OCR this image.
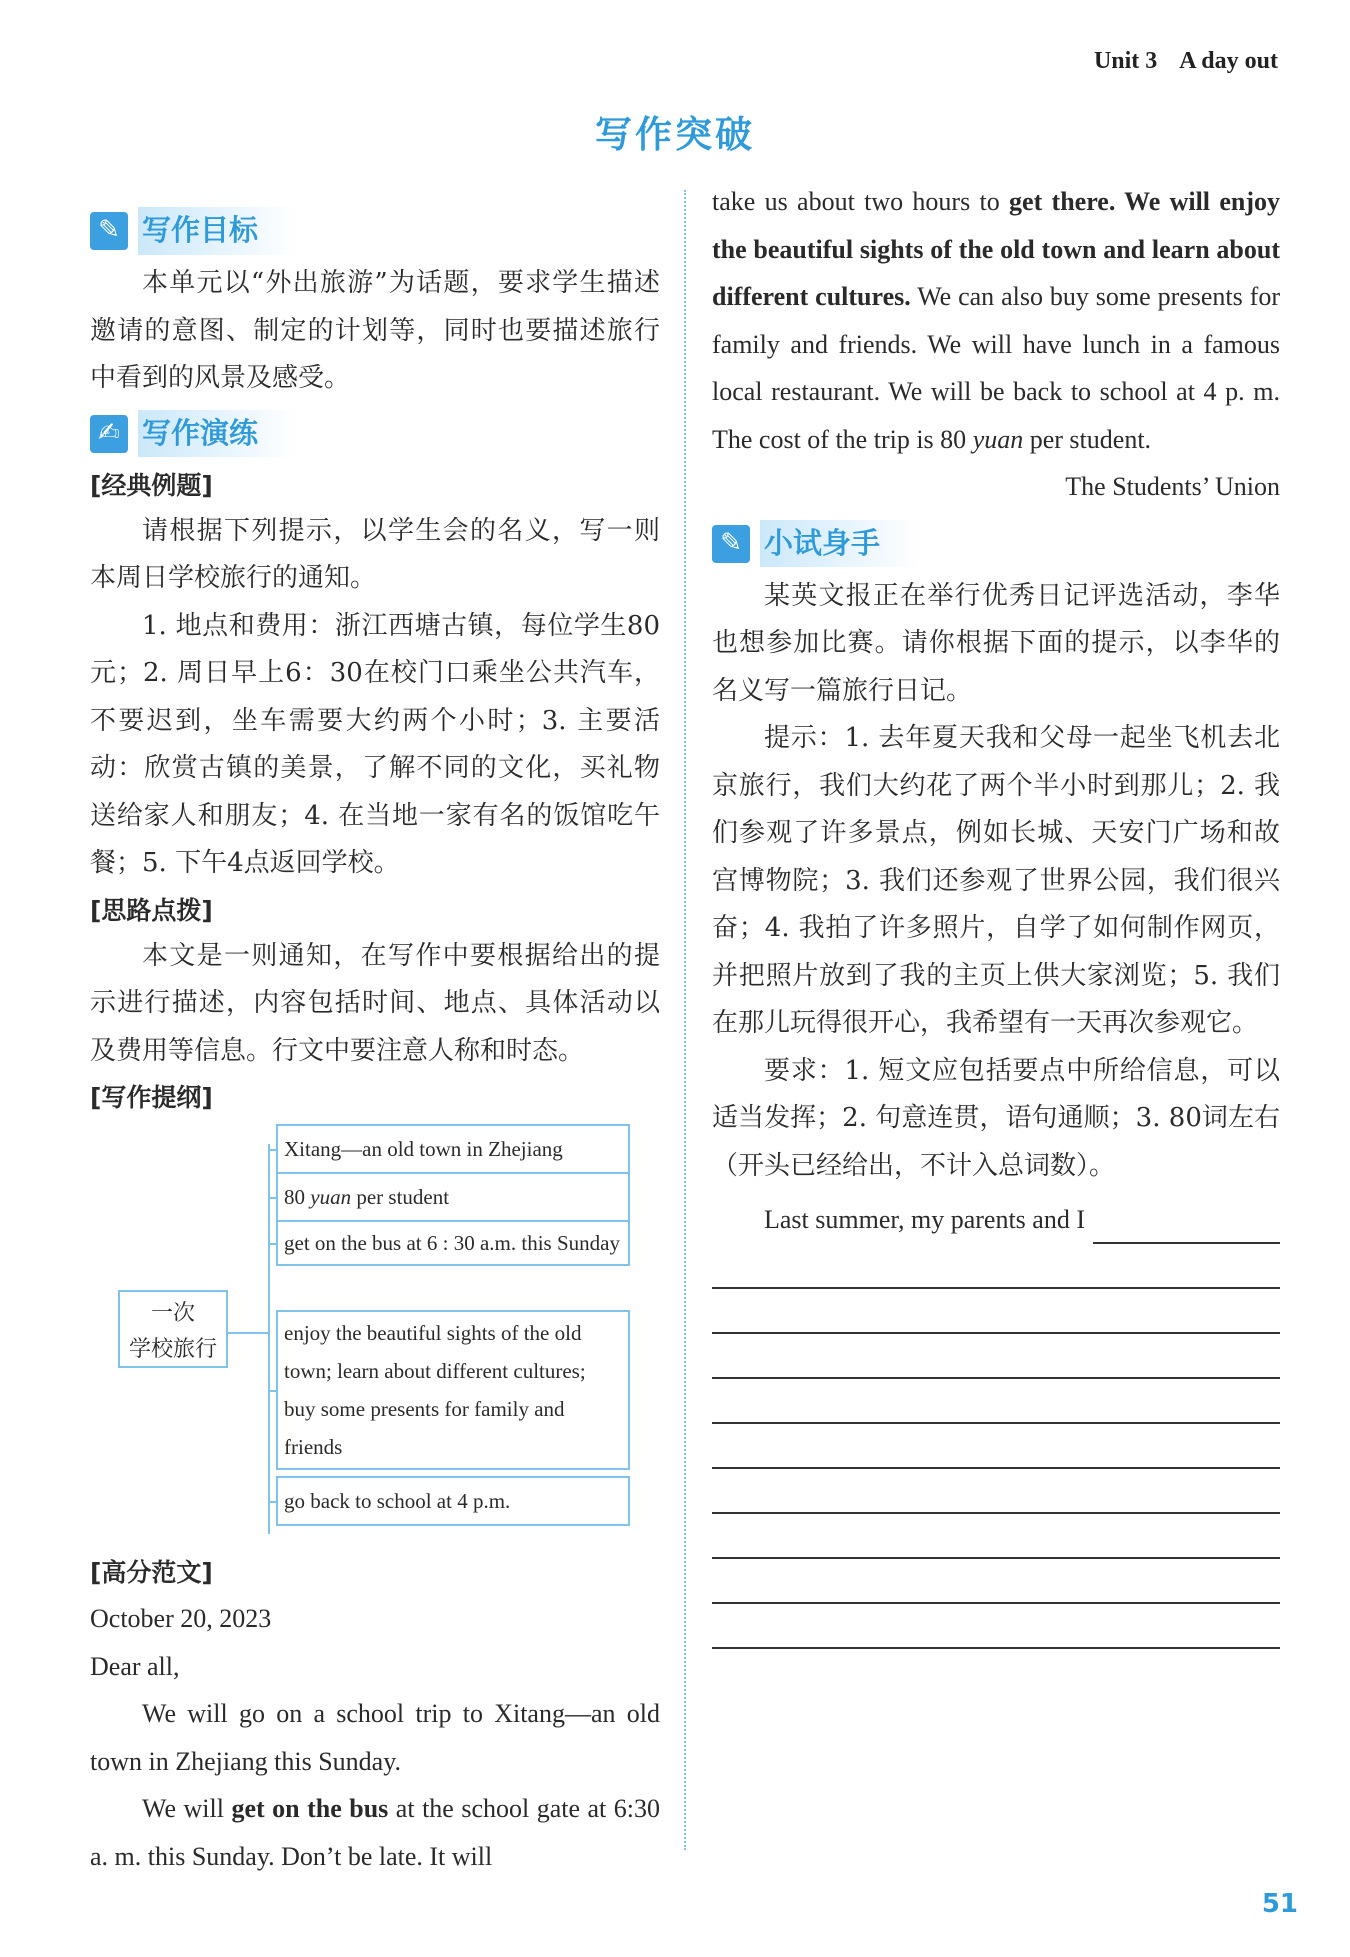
Unit 3 A day out
写作突破
✎ 写作目标

本单元以“外出旅游”为话题，要求学生描述邀请的意图、制定的计划等，同时也要描述旅行中看到的风景及感受。

✍ 写作演练
[经典例题]

请根据下列提示，以学生会的名义，写一则本周日学校旅行的通知。

1. 地点和费用：浙江西塘古镇，每位学生80元；2. 周日早上6：30在校门口乘坐公共汽车，不要迟到，坐车需要大约两个小时；3. 主要活动：欣赏古镇的美景，了解不同的文化，买礼物送给家人和朋友；4. 在当地一家有名的饭馆吃午餐；5. 下午4点返回学校。

[思路点拨]

本文是一则通知，在写作中要根据给出的提示进行描述，内容包括时间、地点、具体活动以及费用等信息。行文中要注意人称和时态。

[写作提纲]
一次
学校旅行
Xitang—an old town in Zhejiang
80 yuan per student
get on the bus at 6 : 30 a.m. this Sunday
enjoy the beautiful sights of the old town; learn about different cultures; buy some presents for family and friends
go back to school at 4 p.m.
[高分范文]

October 20, 2023

Dear all,

We will go on a school trip to Xitang—an old town in Zhejiang this Sunday.

We will get on the bus at the school gate at 6:30 a. m. this Sunday. Don’t be late. It will

take us about two hours to get there. We will enjoy the beautiful sights of the old town and learn about different cultures. We can also buy some presents for family and friends. We will have lunch in a famous local restaurant. We will be back to school at 4 p. m. The cost of the trip is 80 yuan per student.

The Students’ Union

✎ 小试身手

某英文报正在举行优秀日记评选活动，李华也想参加比赛。请你根据下面的提示，以李华的名义写一篇旅行日记。

提示：1. 去年夏天我和父母一起坐飞机去北京旅行，我们大约花了两个半小时到那儿；2. 我们参观了许多景点，例如长城、天安门广场和故宫博物院；3. 我们还参观了世界公园，我们很兴奋；4. 我拍了许多照片，自学了如何制作网页，并把照片放到了我的主页上供大家浏览；5. 我们在那儿玩得很开心，我希望有一天再次参观它。

要求：1. 短文应包括要点中所给信息，可以适当发挥；2. 句意连贯，语句通顺；3. 80词左右（开头已经给出，不计入总词数）。

Last summer, my parents and I
51
